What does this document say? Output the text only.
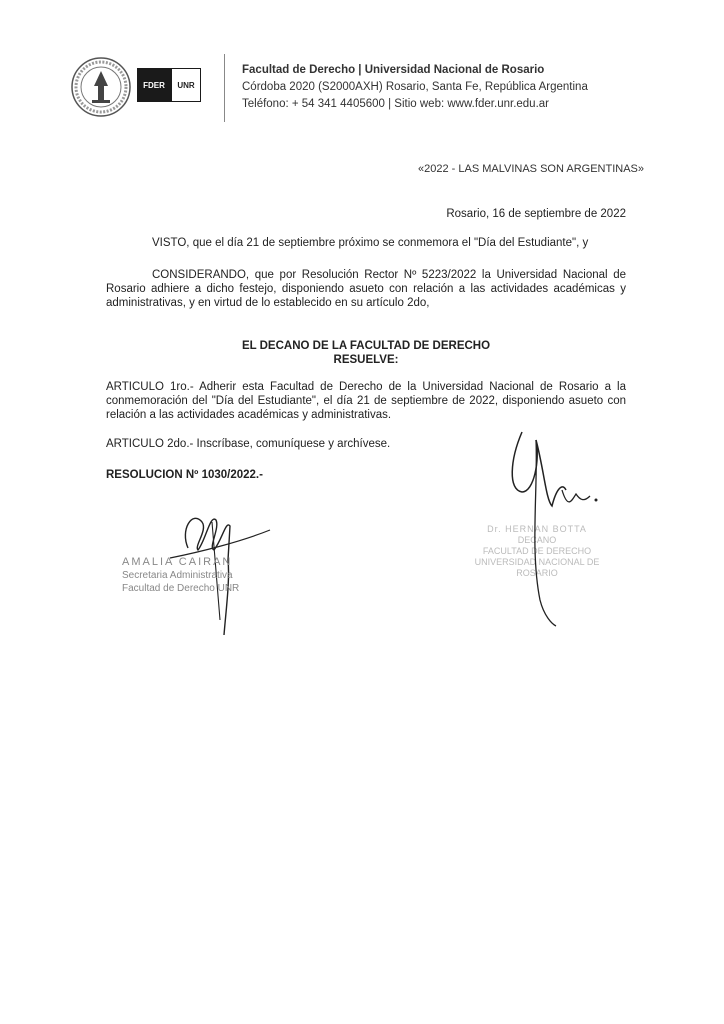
FDER	UNR
Facultad de Derecho | Universidad Nacional de Rosario
Córdoba 2020 (S2000AXH) Rosario, Santa Fe, República Argentina
Teléfono: + 54 341 4405600 | Sitio web: www.fder.unr.edu.ar
«2022 - LAS MALVINAS SON ARGENTINAS»
Rosario, 16 de septiembre de 2022
VISTO, que el día 21 de septiembre próximo se conmemora el "Día del Estudiante", y
CONSIDERANDO, que por Resolución Rector Nº 5223/2022 la Universidad Nacional de Rosario adhiere a dicho festejo, disponiendo asueto con relación a las actividades académicas y administrativas, y en virtud de lo establecido en su artículo 2do,
EL DECANO DE LA FACULTAD DE DERECHO
RESUELVE:
ARTICULO 1ro.- Adherir esta Facultad de Derecho de la Universidad Nacional de Rosario a la conmemoración del "Día del Estudiante", el día 21 de septiembre de 2022, disponiendo asueto con relación a las actividades académicas y administrativas.
ARTICULO 2do.- Inscríbase, comuníquese y archívese.
RESOLUCION Nº 1030/2022.-
AMALIA CAIRAN
Secretaria Administrativa
Facultad de Derecho UNR
Dr. HERNAN BOTTA
DECANO
FACULTAD DE DERECHO
UNIVERSIDAD NACIONAL DE ROSARIO
